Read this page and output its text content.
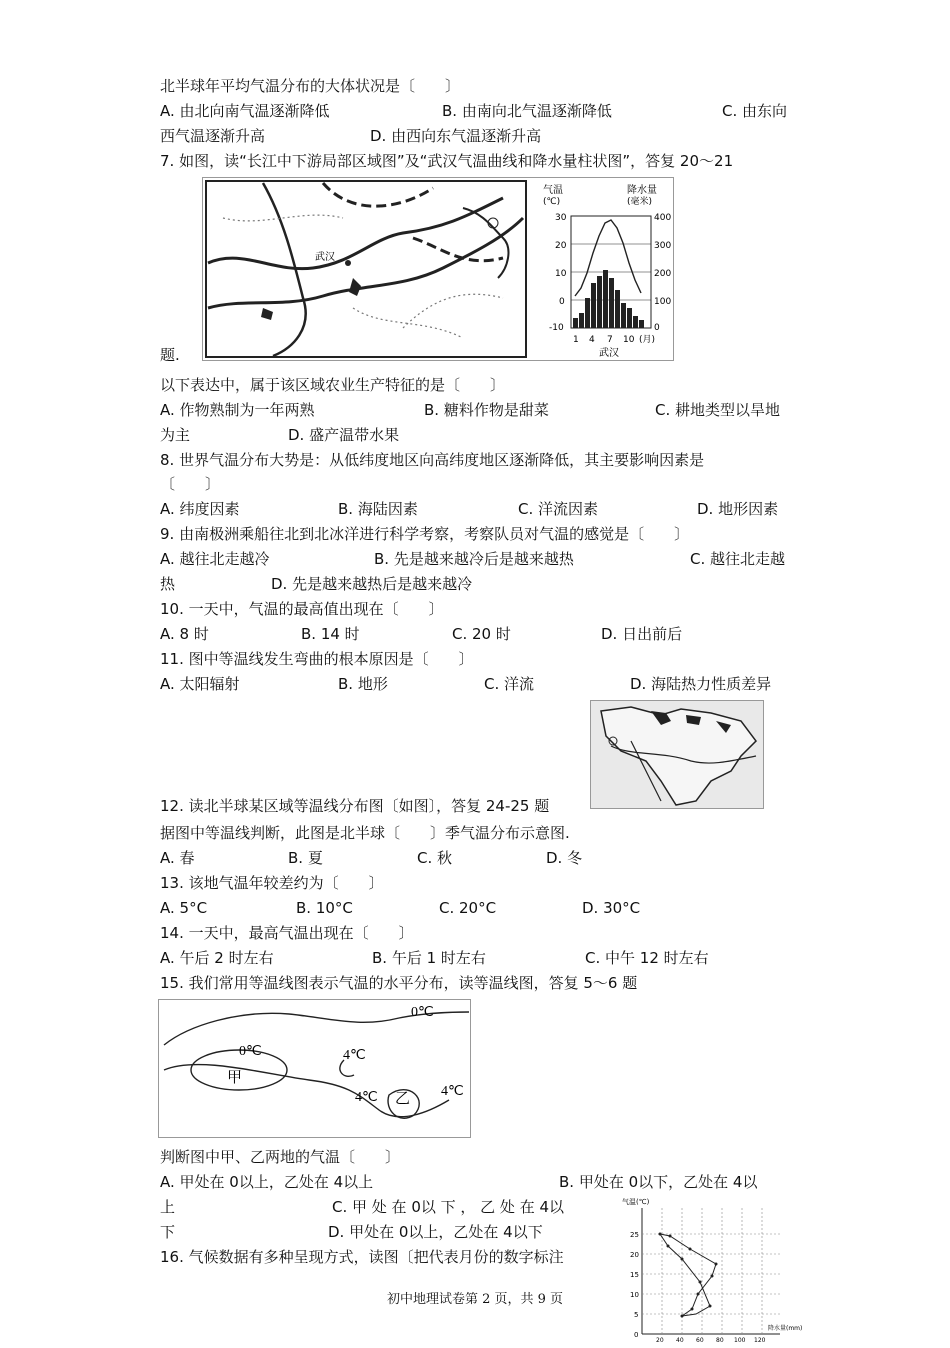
北半球年平均气温分布的大体状况是〔　　〕
A. 由北向南气温逐渐降低	B. 由南向北气温逐渐降低	C. 由东向
西气温逐渐升高	D. 由西向东气温逐渐升高
7. 如图，读“长江中下游局部区域图”及“武汉气温曲线和降水量柱状图”，答复 20～21
气温
(℃)
降水量
(毫米)
30
20
10
0
-10
400
300
200
100
0
1 4 7 10 (月)
武汉
武汉
题.
以下表达中，属于该区域农业生产特征的是〔　　〕
A. 作物熟制为一年两熟	B. 糖料作物是甜菜	C. 耕地类型以旱地
为主	D. 盛产温带水果
8. 世界气温分布大势是：从低纬度地区向高纬度地区逐渐降低，其主要影响因素是
〔　　〕
A. 纬度因素	B. 海陆因素	C. 洋流因素	D. 地形因素
9. 由南极洲乘船往北到北冰洋进行科学考察，考察队员对气温的感觉是〔　　〕
A. 越往北走越冷	B. 先是越来越冷后是越来越热	C. 越往北走越
热	D. 先是越来越热后是越来越冷
10. 一天中，气温的最高值出现在〔　　〕
A. 8 时	B. 14 时	C. 20 时	D. 日出前后
11. 图中等温线发生弯曲的根本原因是〔　　〕
A. 太阳辐射	B. 地形	C. 洋流	D. 海陆热力性质差异
12. 读北半球某区域等温线分布图〔如图〕，答复 24-25 题
据图中等温线判断，此图是北半球〔　　〕季气温分布示意图.
A. 春	B. 夏	C. 秋	D. 冬
13. 该地气温年较差约为〔　　〕
A. 5°C	B. 10°C	C. 20°C	D. 30°C
14. 一天中，最高气温出现在〔　　〕
A. 午后 2 时左右	B. 午后 1 时左右	C. 中午 12 时左右
15. 我们常用等温线图表示气温的水平分布，读等温线图，答复 5～6 题
0℃
0℃	4℃
4℃	4℃
甲
乙
判断图中甲、乙两地的气温〔　　〕
A. 甲处在 0以上，乙处在 4以上	B. 甲处在 0以下，乙处在 4以
上	C. 甲 处 在 0以 下 ， 乙 处 在 4以
下	D. 甲处在 0以上，乙处在 4以下
16. 气候数据有多种呈现方式，读图〔把代表月份的数字标注
气温(℃)
25
20
15
10
5
0
20 40 60 80 100 120
降水量(mm)
初中地理试卷第 2 页，共 9 页
